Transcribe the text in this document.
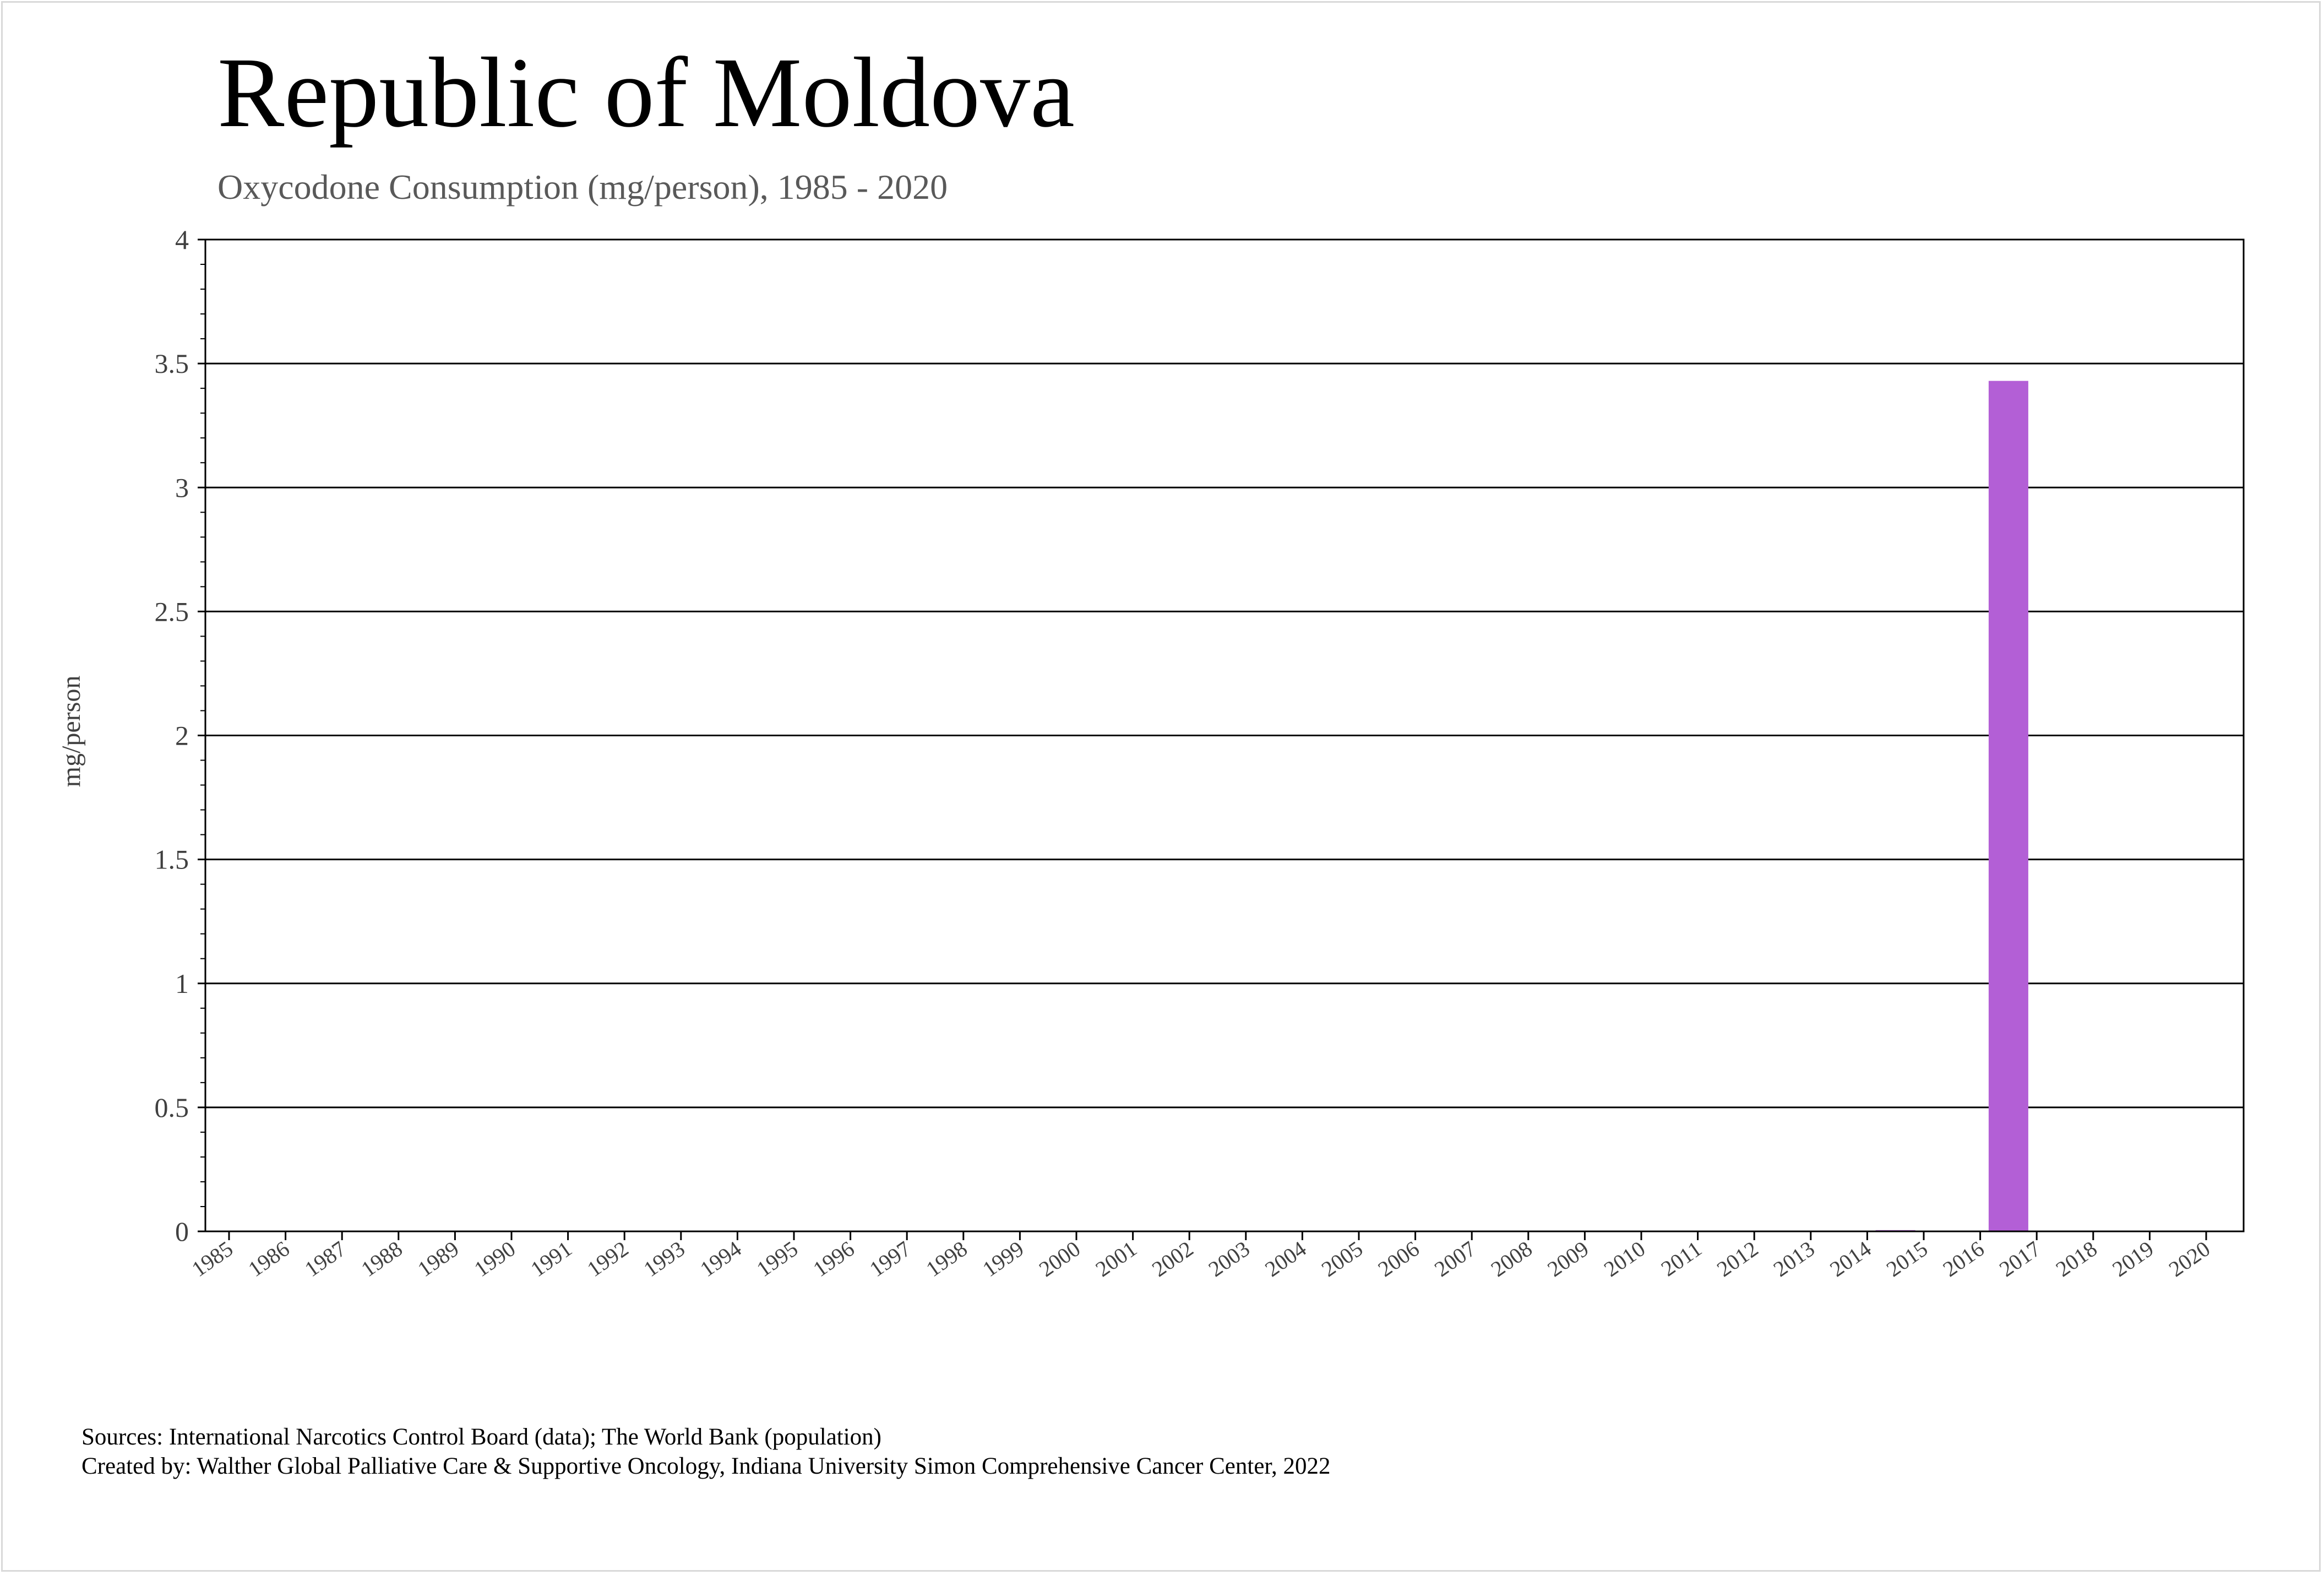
Republic of Moldova
Oxycodone Consumption (mg/person), 1985 - 2020
0
0.5
1
1.5
2
2.5
3
3.5
4
1985 1986 1987 1988 1989 1990 1991 1992 1993 1994 1995 1996 1997 1998 1999 2000 2001 2002 2003 2004 2005 2006 2007 2008 2009 2010 2011 2012 2013 2014 2015 2016 2017 2018 2019 2020
mg/person
Sources: International Narcotics Control Board (data); The World Bank (population)
Created by: Walther Global Palliative Care & Supportive Oncology, Indiana University Simon Comprehensive Cancer Center, 2022
